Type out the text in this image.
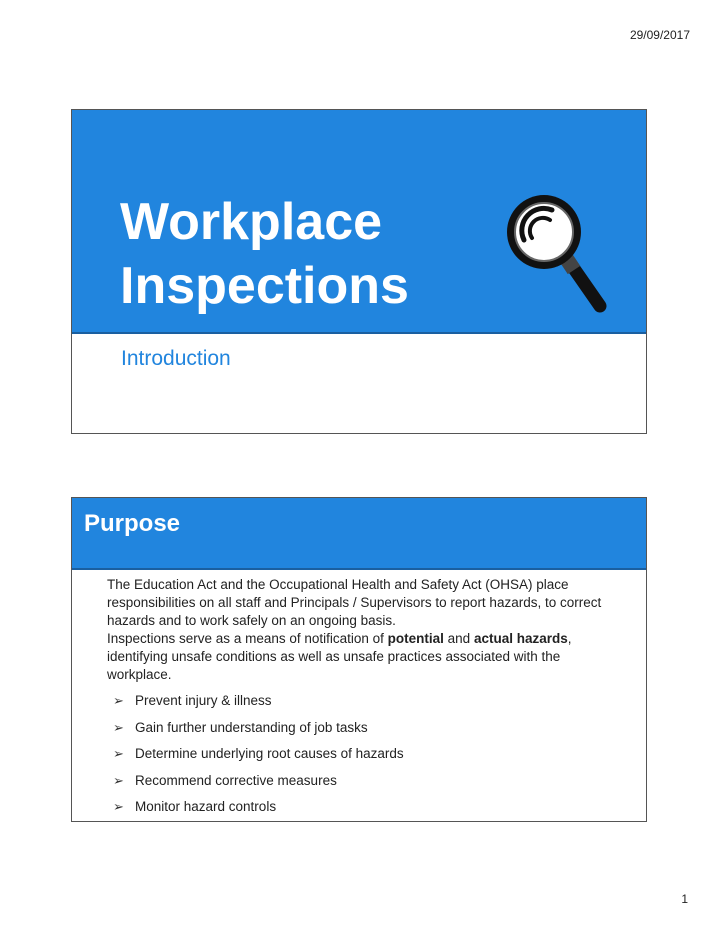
29/09/2017
Workplace
Inspections
Introduction
Purpose

The Education Act and the Occupational Health and Safety Act (OHSA) place responsibilities on all staff and Principals / Supervisors to report hazards, to correct hazards and to work safely on an ongoing basis.

Inspections serve as a means of notification of potential and actual hazards, identifying unsafe conditions as well as unsafe practices associated with the workplace.

➢ Prevent injury & illness
➢ Gain further understanding of job tasks
➢ Determine underlying root causes of hazards
➢ Recommend corrective measures
➢ Monitor hazard controls
1
